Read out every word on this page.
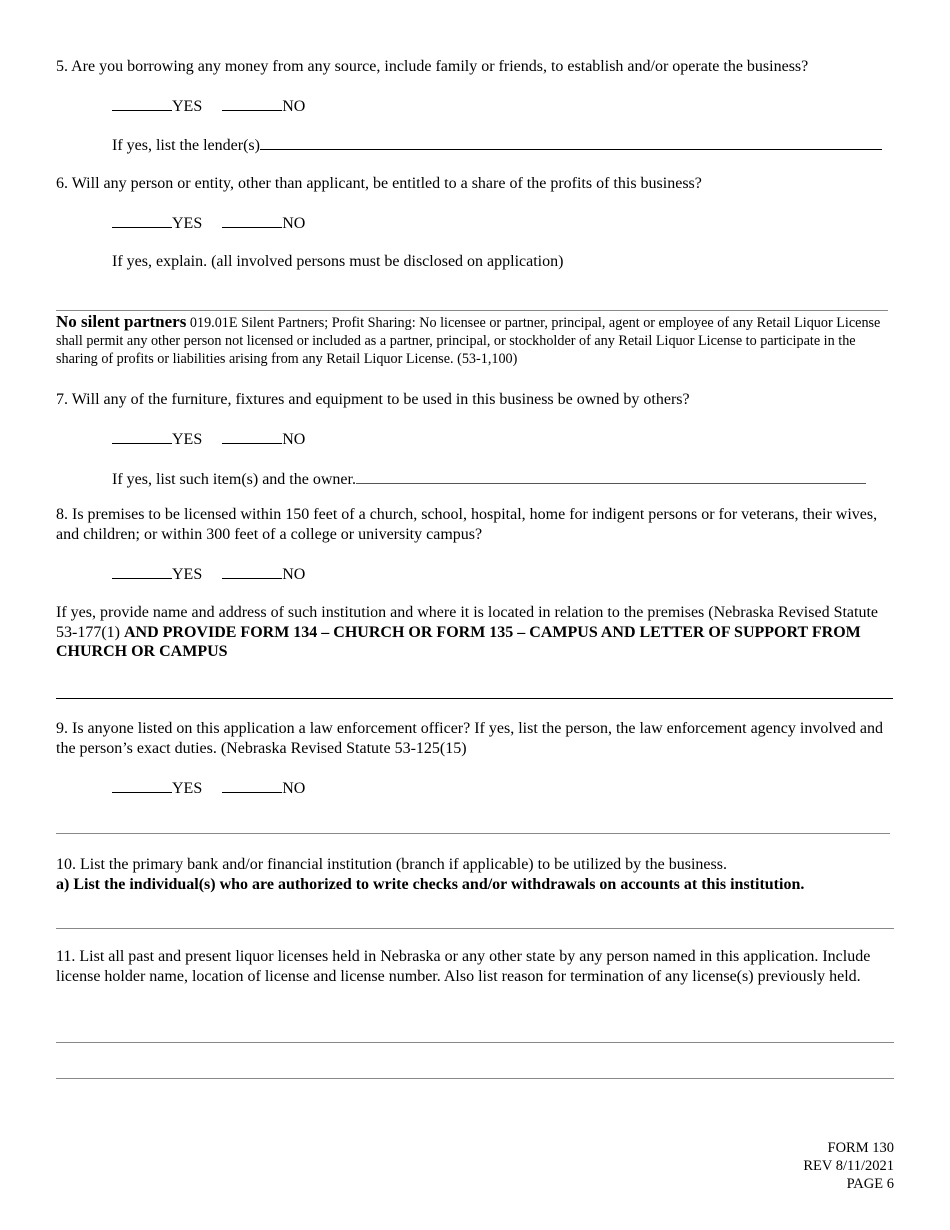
5. Are you borrowing any money from any source, include family or friends, to establish and/or operate the business?
YES	NO
If yes, list the lender(s)
6. Will any person or entity, other than applicant, be entitled to a share of the profits of this business?
YES	NO
If yes, explain. (all involved persons must be disclosed on application)
No silent partners 019.01E Silent Partners; Profit Sharing: No licensee or partner, principal, agent or employee of any Retail Liquor License shall permit any other person not licensed or included as a partner, principal, or stockholder of any Retail Liquor License to participate in the sharing of profits or liabilities arising from any Retail Liquor License. (53-1,100)
7. Will any of the furniture, fixtures and equipment to be used in this business be owned by others?
YES	NO
If yes, list such item(s) and the owner.
8. Is premises to be licensed within 150 feet of a church, school, hospital, home for indigent persons or for veterans, their wives, and children; or within 300 feet of a college or university campus?
YES	NO
If yes, provide name and address of such institution and where it is located in relation to the premises (Nebraska Revised Statute 53-177(1) AND PROVIDE FORM 134 – CHURCH OR FORM 135 – CAMPUS AND LETTER OF SUPPORT FROM CHURCH OR CAMPUS
9. Is anyone listed on this application a law enforcement officer? If yes, list the person, the law enforcement agency involved and the person’s exact duties. (Nebraska Revised Statute 53-125(15)
YES	NO
10. List the primary bank and/or financial institution (branch if applicable) to be utilized by the business.
a) List the individual(s) who are authorized to write checks and/or withdrawals on accounts at this institution.
11. List all past and present liquor licenses held in Nebraska or any other state by any person named in this application. Include license holder name, location of license and license number. Also list reason for termination of any license(s) previously held.
FORM 130
REV 8/11/2021
PAGE 6
